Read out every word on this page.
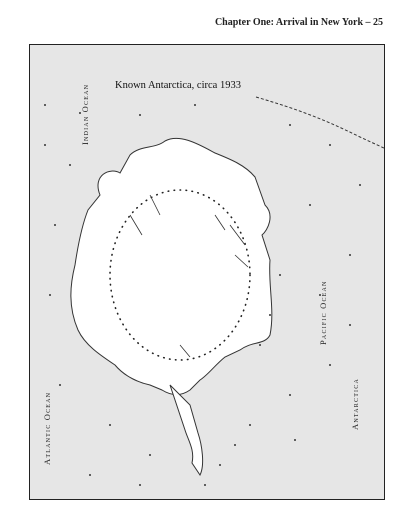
Chapter One: Arrival in New York – 25
Known Antarctica, circa 1933
Indian Ocean
Pacific Ocean
Atlantic Ocean	Antarctica
